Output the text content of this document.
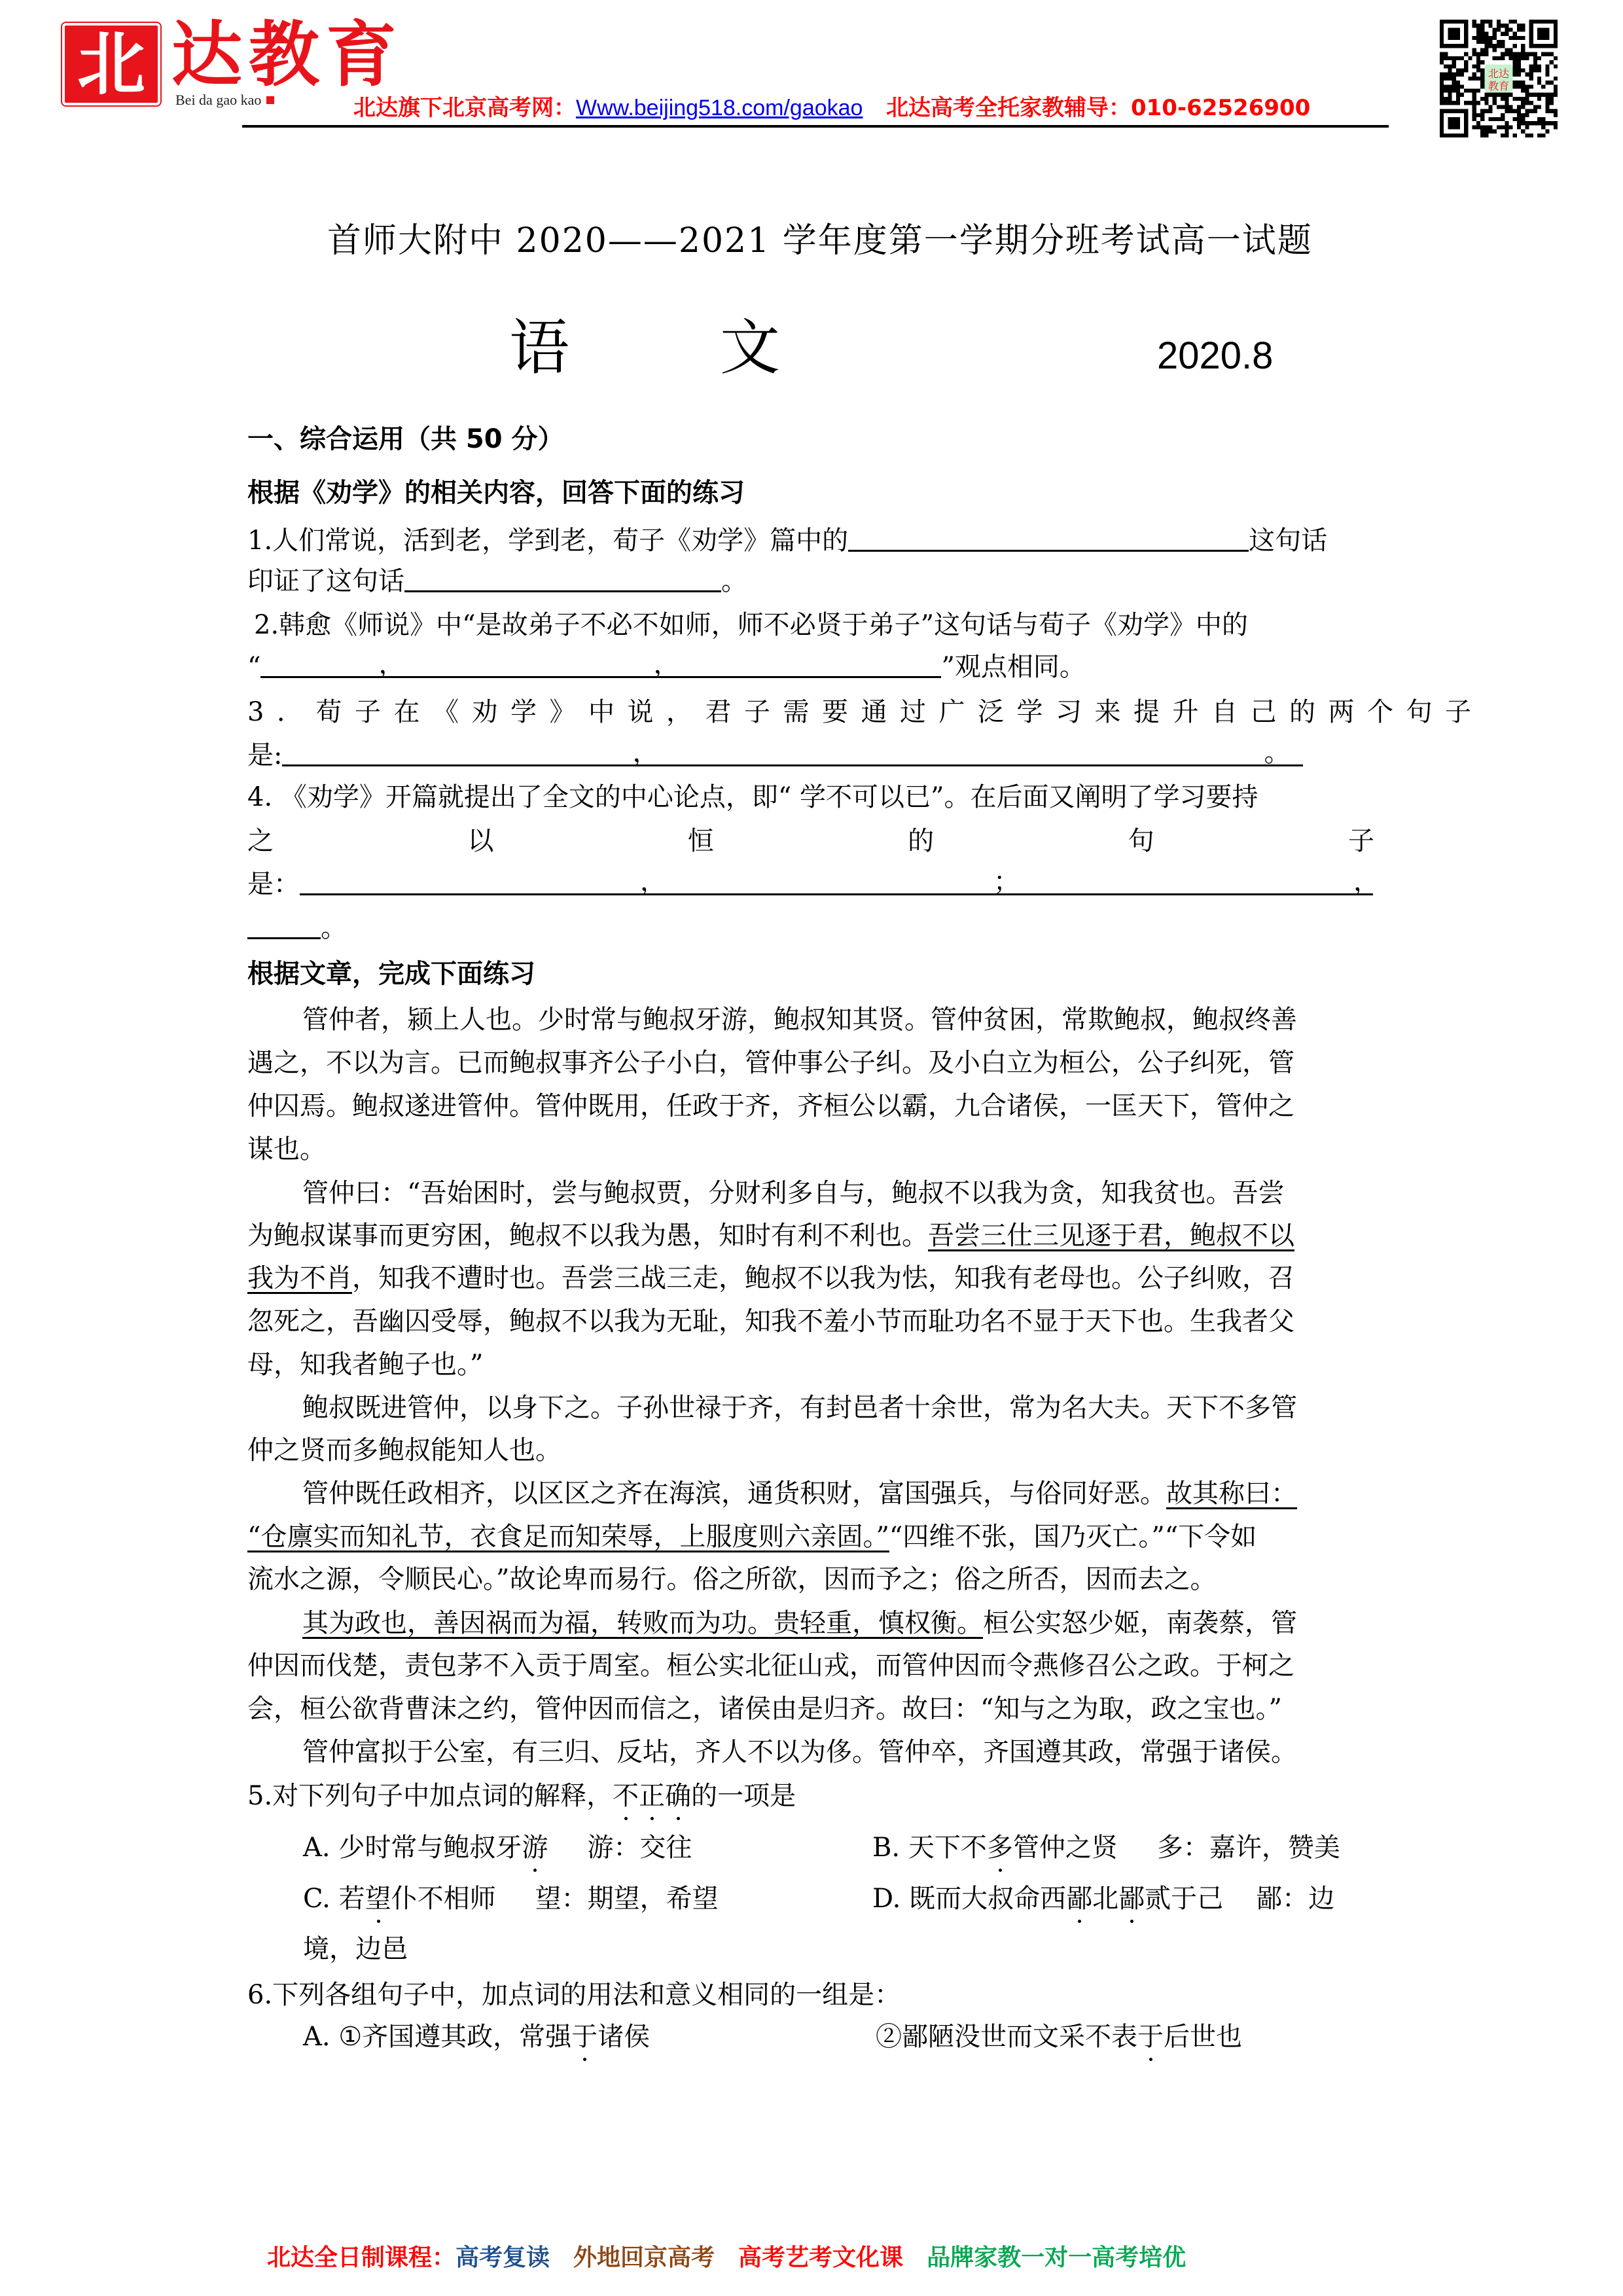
北 达教育
Bei da gao kao	北达旗下北京高考网：Www.beijing518.com/gaokao 北达高考全托家教辅导：010-62526900
北达
教育
首师大附中 2020——2021 学年度第一学期分班考试高一试题
语	文	2020.8
一、综合运用（共 50 分）
根据《劝学》的相关内容，回答下面的练习
1.人们常说，活到老，学到老，荀子《劝学》篇中的	这句话
印证了这句话	。
2.韩愈《师说》中“是故弟子不必不如师，师不必贤于弟子”这句话与荀子《劝学》中的
“	，	，	”观点相同。
3．荀子在《劝学》中说，君子需要通过广泛学习来提升自己的两个句子
是:	，	。
4. 《劝学》开篇就提出了全文的中心论点，即“ 学不可以已”。在后面又阐明了学习要持
之	以	恒	的	句	子
是：	，	；	，
。
根据文章，完成下面练习
管仲者，颍上人也。少时常与鲍叔牙游，鲍叔知其贤。管仲贫困，常欺鲍叔，鲍叔终善
遇之，不以为言。已而鲍叔事齐公子小白，管仲事公子纠。及小白立为桓公，公子纠死，管
仲囚焉。鲍叔遂进管仲。管仲既用，任政于齐，齐桓公以霸，九合诸侯，一匡天下，管仲之
谋也。
管仲曰：“吾始困时，尝与鲍叔贾，分财利多自与，鲍叔不以我为贪，知我贫也。吾尝
为鲍叔谋事而更穷困，鲍叔不以我为愚，知时有利不利也。吾尝三仕三见逐于君，鲍叔不以
我为不肖，知我不遭时也。吾尝三战三走，鲍叔不以我为怯，知我有老母也。公子纠败，召
忽死之，吾幽囚受辱，鲍叔不以我为无耻，知我不羞小节而耻功名不显于天下也。生我者父
母，知我者鲍子也。”
鲍叔既进管仲，以身下之。子孙世禄于齐，有封邑者十余世，常为名大夫。天下不多管
仲之贤而多鲍叔能知人也。
管仲既任政相齐，以区区之齐在海滨，通货积财，富国强兵，与俗同好恶。故其称曰：
“仓廪实而知礼节，衣食足而知荣辱，上服度则六亲固。”“四维不张，国乃灭亡。”“下令如
流水之源，令顺民心。”故论卑而易行。俗之所欲，因而予之；俗之所否，因而去之。
其为政也，善因祸而为福，转败而为功。贵轻重，慎权衡。桓公实怒少姬，南袭蔡，管
仲因而伐楚，责包茅不入贡于周室。桓公实北征山戎，而管仲因而令燕修召公之政。于柯之
会，桓公欲背曹沫之约，管仲因而信之，诸侯由是归齐。故曰：“知与之为取，政之宝也。”
管仲富拟于公室，有三归、反坫，齐人不以为侈。管仲卒，齐国遵其政，常强于诸侯。
5.对下列句子中加点词的解释，不正确的一项是
A. 少时常与鲍叔牙游 游：交往	B. 天下不多管仲之贤 多：嘉许，赞美
C. 若望仆不相师 望：期望，希望	D. 既而大叔命西鄙北鄙贰于己 鄙：边
境，边邑
6.下列各组句子中，加点词的用法和意义相同的一组是：
A. ①齐国遵其政，常强于诸侯	②鄙陋没世而文采不表于后世也
北达全日制课程：高考复读 外地回京高考 高考艺考文化课 品牌家教一对一高考培优
